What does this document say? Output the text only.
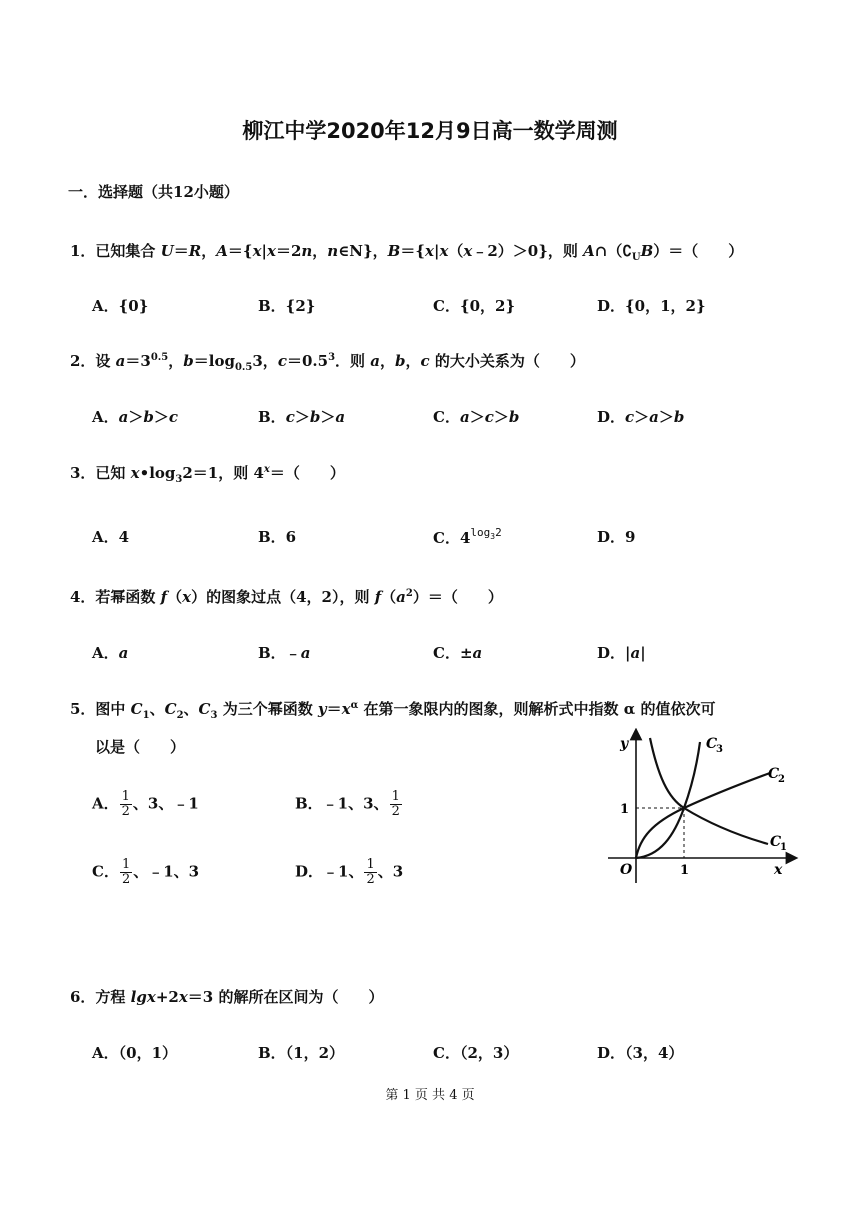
柳江中学2020年12月9日高一数学周测
一．选择题（共12小题）
1．已知集合 U＝R，A＝{x|x＝2n，n∈N}，B＝{x|x（x﹣2）＞0}，则 $A\cap(∁_UB)=$（　　）
A．{0}	B．{2}	C．{0，2}	D．{0，1，2}
2．设 $a=3^{0.5}$，$b=\log_{0.5}3$，$c=0.5^3$．则 a，b，c 的大小关系为（　　）
A．a＞b＞c	B．c＞b＞a	C．a＞c＞b	D．c＞a＞b
3．已知 $x•\log_32=1$，则 $4^x=$（　　）
A．4	B．6	C．$4^{log_32}$	D．9
4．若幂函数 f（x）的图象过点（4，2），则 $f(a^2)=$（　　）
A．a	B．﹣a	C．±a	D．|a|
5．图中 $C_1$、$C_2$、$C_3$ 为三个幂函数 $y=x^\alpha$ 在第一象限内的图象，则解析式中指数 α 的值依次可
以是（　　）
A． $\frac{1}{2}$ 、3、﹣1	B．﹣1、3、 $\frac{1}{2}$
C． $\frac{1}{2}$ 、﹣1、3	D．﹣1、 $\frac{1}{2}$ 、3
y
x
O	1
1
C
3
C
2
C
1
6．方程 lgx+2x＝3 的解所在区间为（　　）
A．（0，1）	B．（1，2）	C．（2，3）	D．（3，4）
第 1 页 共 4 页
